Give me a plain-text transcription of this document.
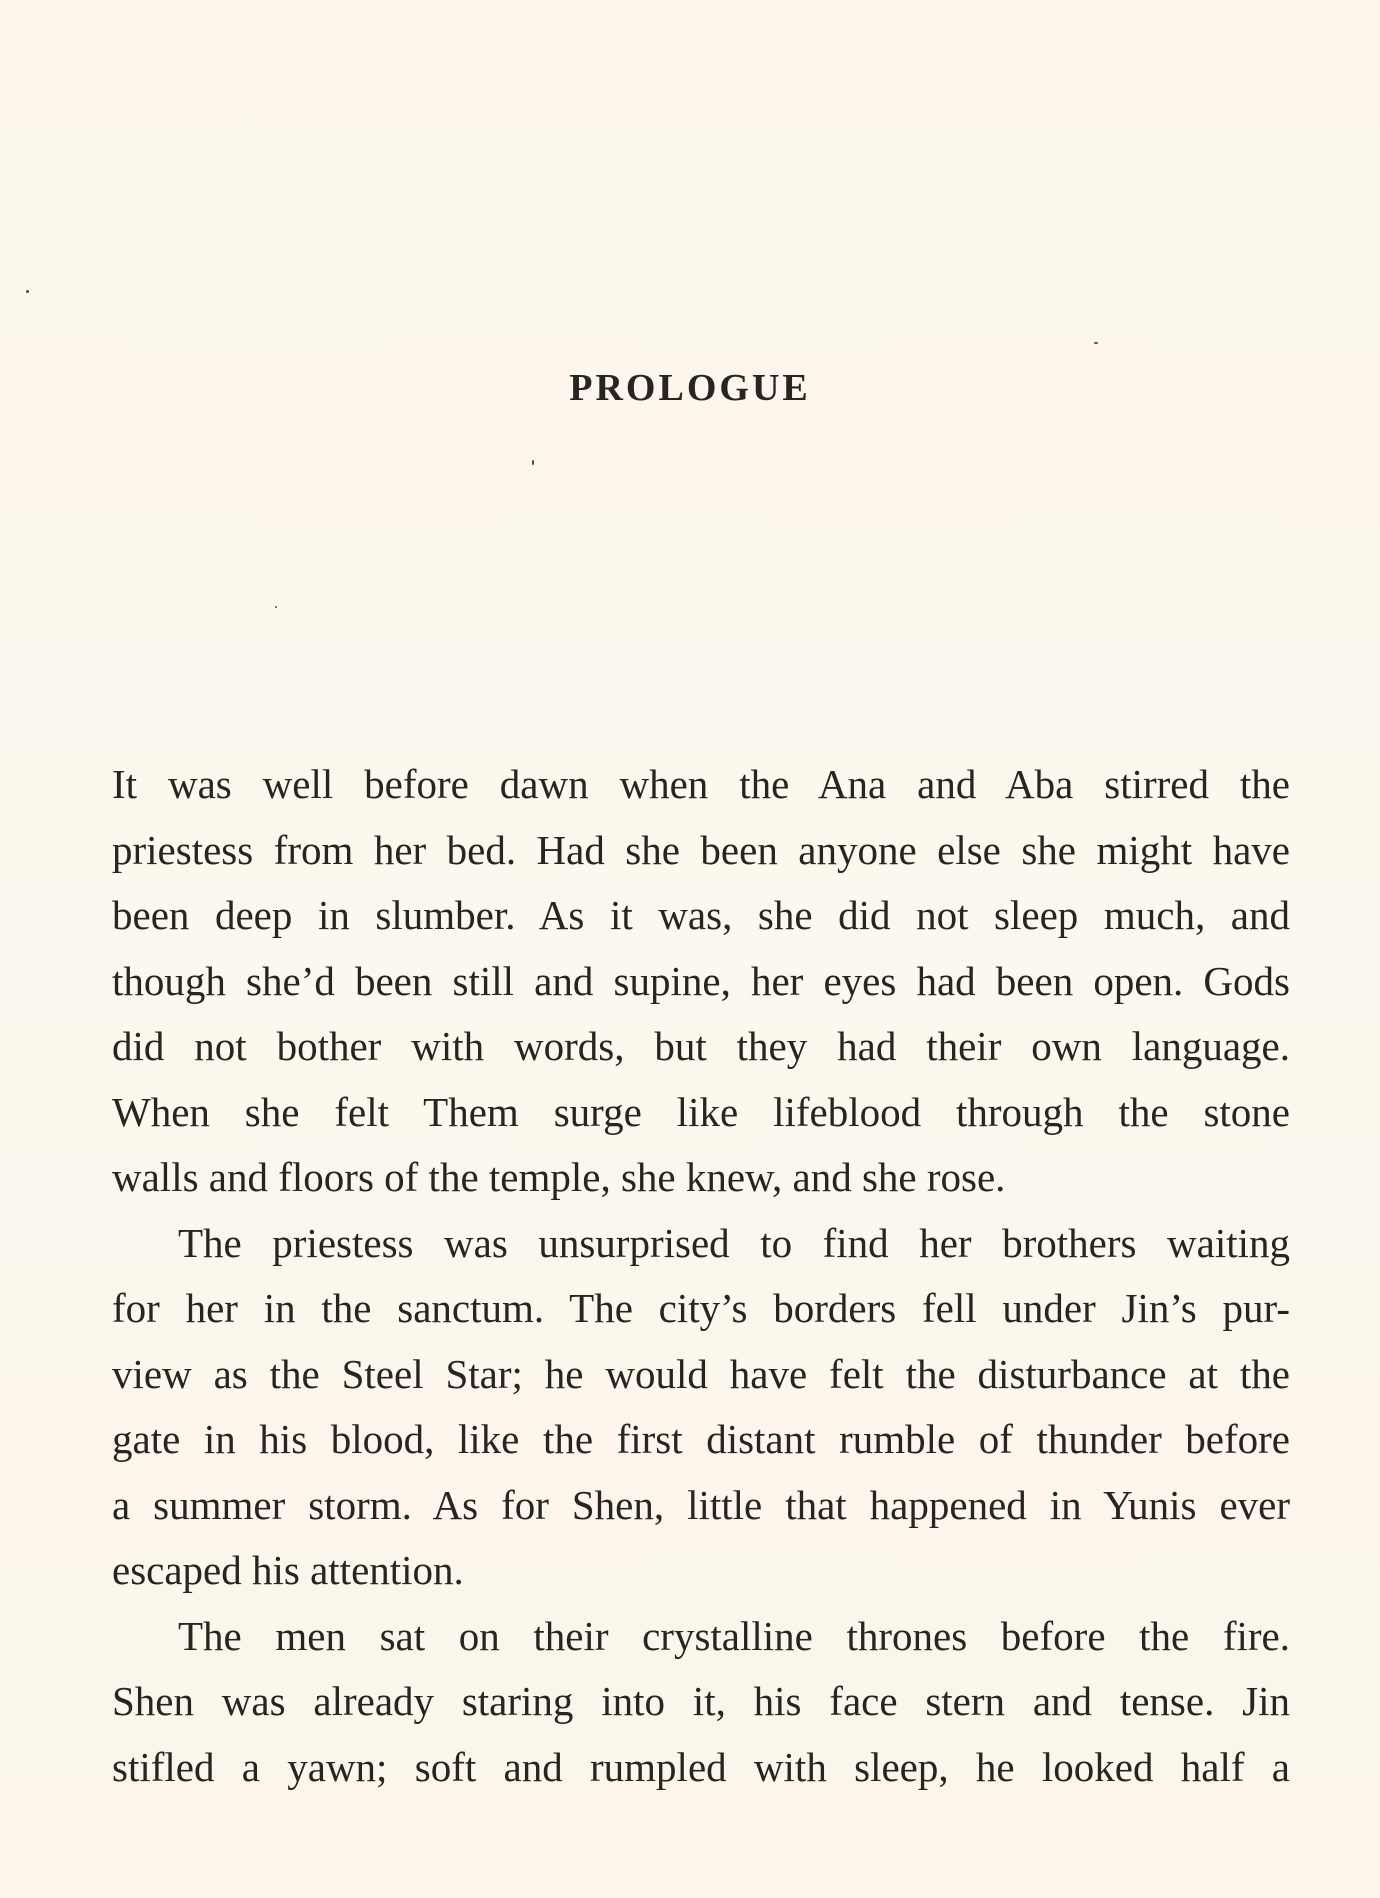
PROLOGUE

It was well before dawn when the Ana and Aba stirred the
priestess from her bed. Had she been anyone else she might have
been deep in slumber. As it was, she did not sleep much, and
though she’d been still and supine, her eyes had been open. Gods
did not bother with words, but they had their own language.
When she felt Them surge like lifeblood through the stone
walls and floors of the temple, she knew, and she rose.

The priestess was unsurprised to find her brothers waiting
for her in the sanctum. The city’s borders fell under Jin’s pur-
view as the Steel Star; he would have felt the disturbance at the
gate in his blood, like the first distant rumble of thunder before
a summer storm. As for Shen, little that happened in Yunis ever
escaped his attention.

The men sat on their crystalline thrones before the fire.
Shen was already staring into it, his face stern and tense. Jin
stifled a yawn; soft and rumpled with sleep, he looked half a
